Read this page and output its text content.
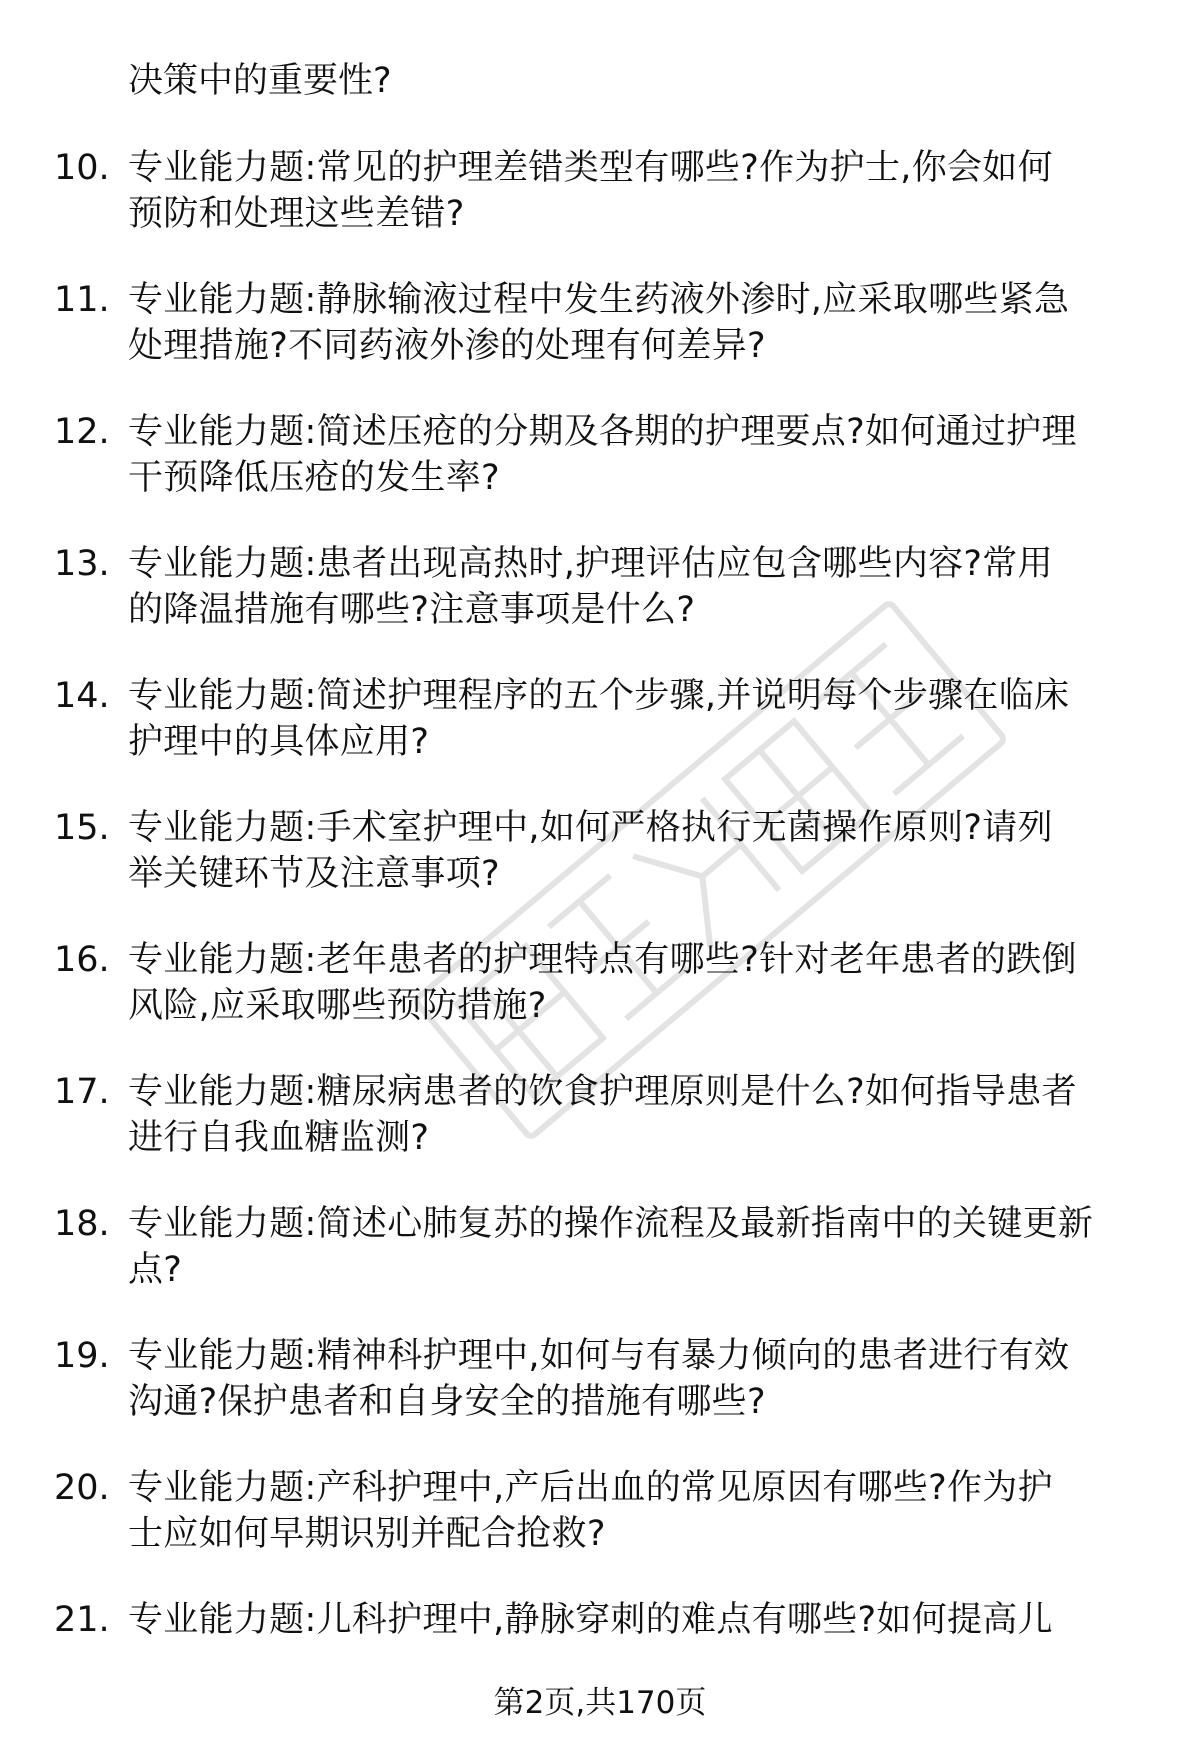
决策中的重要性?
10. 专业能力题:常见的护理差错类型有哪些?作为护士,你会如何
预防和处理这些差错?
11. 专业能力题:静脉输液过程中发生药液外渗时,应采取哪些紧急
处理措施?不同药液外渗的处理有何差异?
12. 专业能力题:简述压疮的分期及各期的护理要点?如何通过护理
干预降低压疮的发生率?
13. 专业能力题:患者出现高热时,护理评估应包含哪些内容?常用
的降温措施有哪些?注意事项是什么?
14. 专业能力题:简述护理程序的五个步骤,并说明每个步骤在临床
护理中的具体应用?
15. 专业能力题:手术室护理中,如何严格执行无菌操作原则?请列
举关键环节及注意事项?
16. 专业能力题:老年患者的护理特点有哪些?针对老年患者的跌倒
风险,应采取哪些预防措施?
17. 专业能力题:糖尿病患者的饮食护理原则是什么?如何指导患者
进行自我血糖监测?
18. 专业能力题:简述心肺复苏的操作流程及最新指南中的关键更新
点?
19. 专业能力题:精神科护理中,如何与有暴力倾向的患者进行有效
沟通?保护患者和自身安全的措施有哪些?
20. 专业能力题:产科护理中,产后出血的常见原因有哪些?作为护
士应如何早期识别并配合抢救?
21. 专业能力题:儿科护理中,静脉穿刺的难点有哪些?如何提高儿
第2页,共170页
